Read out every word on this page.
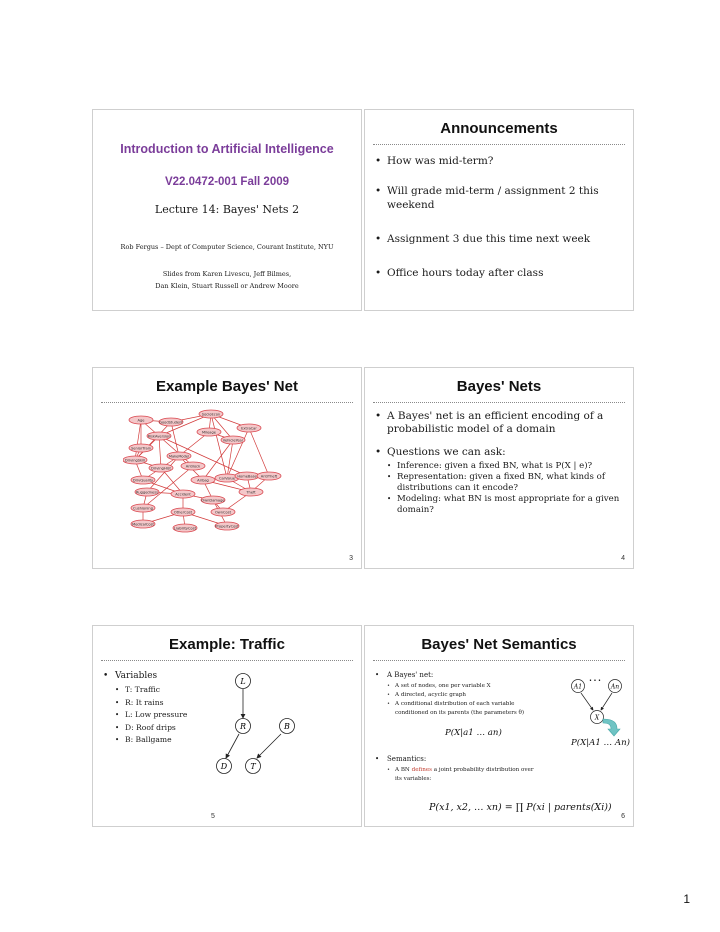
Introduction to Artificial Intelligence
V22.0472-001 Fall 2009
Lecture 14: Bayes' Nets 2
Rob Fergus – Dept of Computer Science, Courant Institute, NYU
Slides from Karen Livescu, Jeff Bilmes,
Dan Klein, Stuart Russell or Andrew Moore
Announcements
• How was mid-term?
• Will grade mid-term / assignment 2 this weekend
• Assignment 3 due this time next week
• Office hours today after class
Example Bayes' Net
SocioEcon
Age	GoodStudent
ExtraCar
Mileage
RiskAversion
VehicleYear
SeniorTrain
DrivingSkill
MakeModel
DrivingHist	Antilock
DrivQuality	Airbag	CarValue HomeBase AntiTheft
Ruggedness	Accident	Theft
OwnDamage
Cushioning
OtherCost	OwnCost
MedicalCost
LiabilityCost	PropertyCost
3
Bayes' Nets
• A Bayes' net is an efficient encoding of a probabilistic model of a domain
• Questions we can ask:
• Inference: given a fixed BN, what is P(X | e)?
• Representation: given a fixed BN, what kinds of distributions can it encode?
• Modeling: what BN is most appropriate for a given domain?
4
Example: Traffic
• Variables
• T: Traffic
• R: It rains
• L: Low pressure
• D: Roof drips
• B: Ballgame
L
R	B
D	T
5
Bayes' Net Semantics
• A Bayes' net:
• A set of nodes, one per variable X
• A directed, acyclic graph
• A conditional distribution of each variable conditioned on its parents (the parameters θ)
• Semantics:
• A BN defines a joint probability distribution over its variables:
P(X|a1 … an)
P(X|A1 … An)
P(x1, x2, … xn) = ∏ P(xi | parents(Xi))
A1
• • •
An
X
6
1
